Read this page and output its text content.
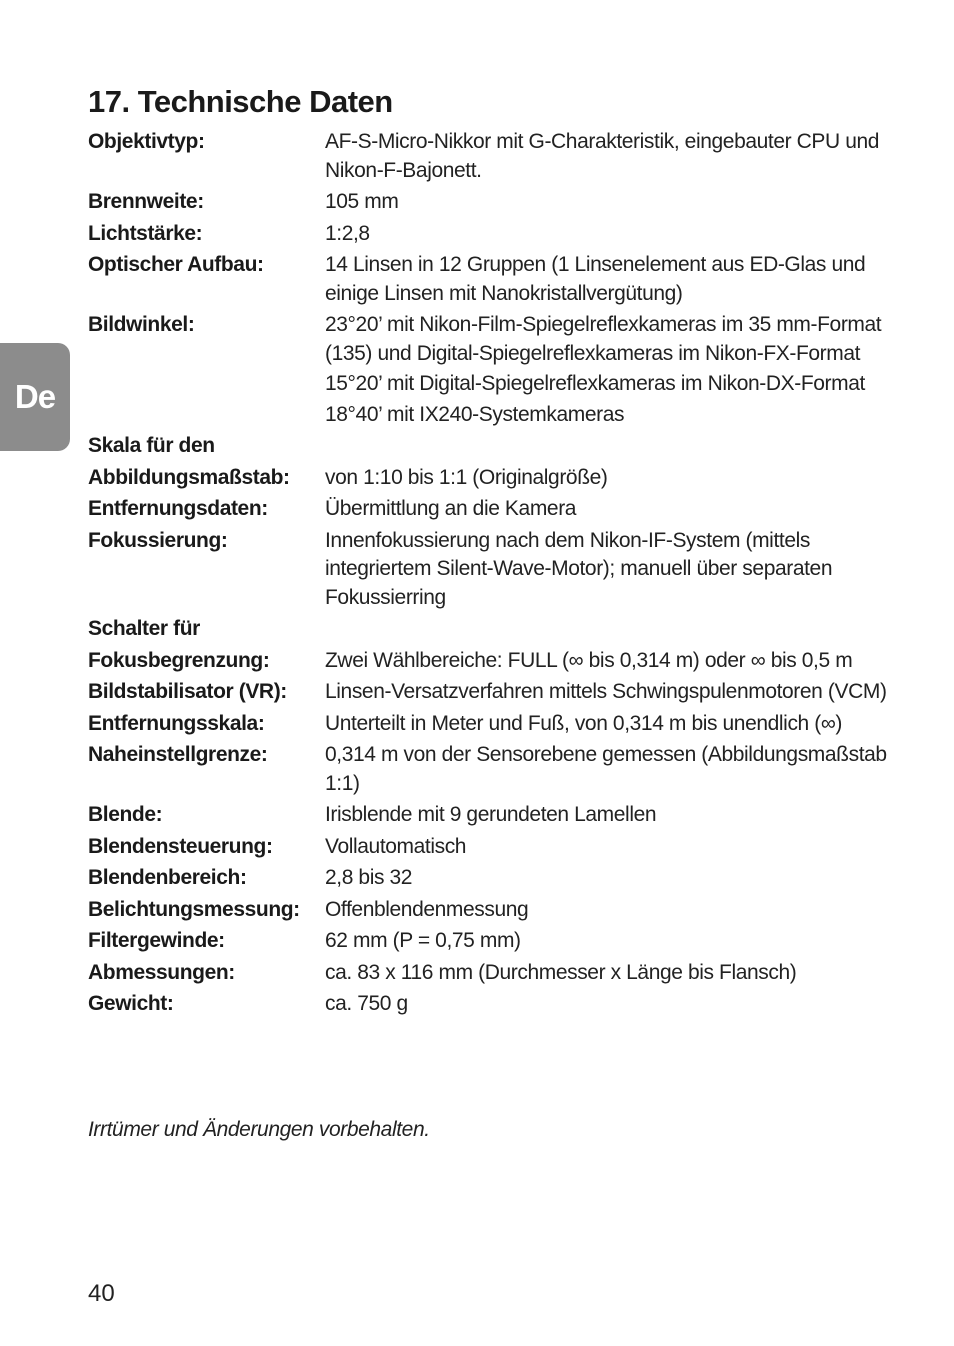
De
17. Technische Daten
Objektivtyp:	AF-S-Micro-Nikkor mit G-Charakteristik, eingebauter CPU und Nikon-F-Bajonett.
Brennweite:	105 mm
Lichtstärke:	1:2,8
Optischer Aufbau:	14 Linsen in 12 Gruppen (1 Linsenelement aus ED-Glas und einige Linsen mit Nanokristallvergütung)
Bildwinkel:	23°20’ mit Nikon-Film-Spiegelreflexkameras im 35 mm-Format (135) und Digital-Spiegelreflexkameras im Nikon-FX-Format
15°20’ mit Digital-Spiegelreflexkameras im Nikon-DX-Format
18°40’ mit IX240-Systemkameras
Skala für den
Abbildungsmaßstab:	von 1:10 bis 1:1 (Originalgröße)
Entfernungsdaten:	Übermittlung an die Kamera
Fokussierung:	Innenfokussierung nach dem Nikon-IF-System (mittels integriertem Silent-Wave-Motor); manuell über separaten Fokussierring
Schalter für
Fokusbegrenzung:	Zwei Wählbereiche: FULL (∞ bis 0,314 m) oder ∞ bis 0,5 m
Bildstabilisator (VR):	Linsen-Versatzverfahren mittels Schwingspulenmotoren (VCM)
Entfernungsskala:	Unterteilt in Meter und Fuß, von 0,314 m bis unendlich (∞)
Naheinstellgrenze:	0,314 m von der Sensorebene gemessen (Abbildungsmaßstab 1:1)
Blende:	Irisblende mit 9 gerundeten Lamellen
Blendensteuerung:	Vollautomatisch
Blendenbereich:	2,8 bis 32
Belichtungsmessung:	Offenblendenmessung
Filtergewinde:	62 mm (P = 0,75 mm)
Abmessungen:	ca. 83 x 116 mm (Durchmesser x Länge bis Flansch)
Gewicht:	ca. 750 g

Irrtümer und Änderungen vorbehalten.

40
